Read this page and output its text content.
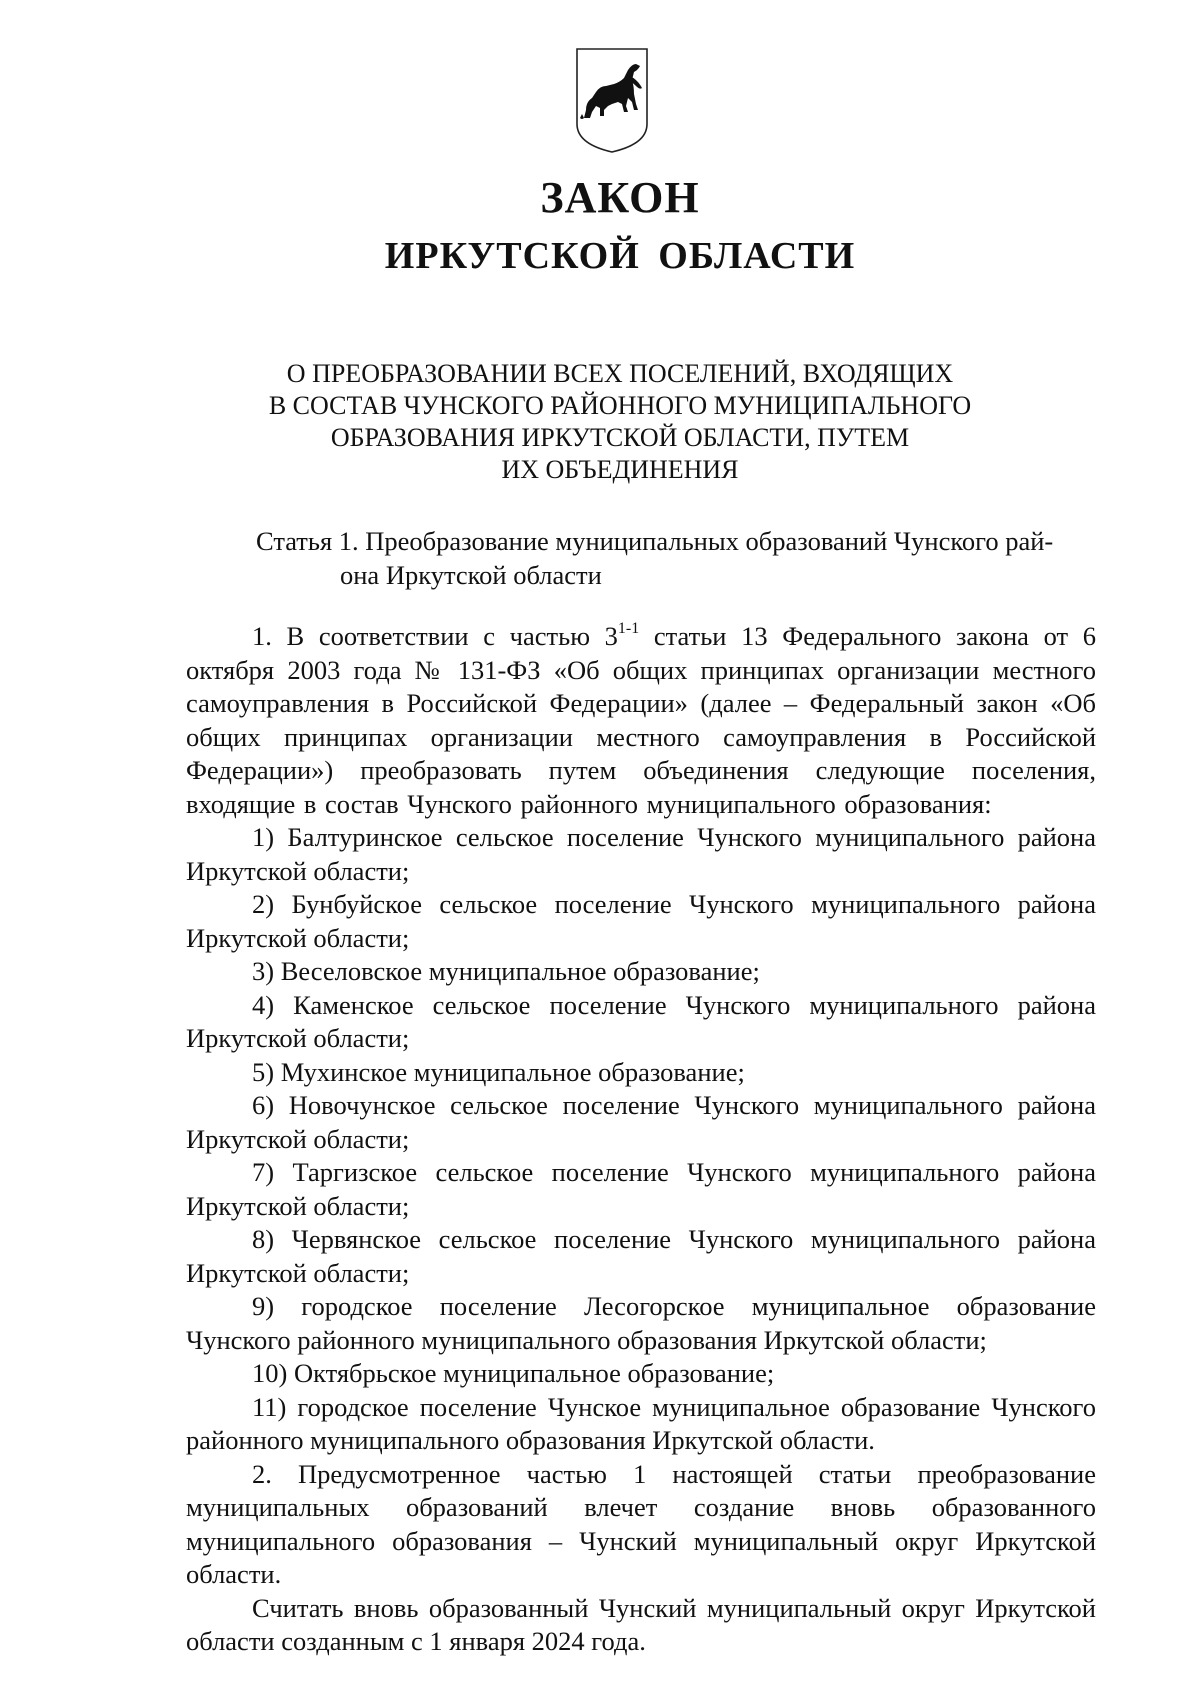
ЗАКОН
ИРКУТСКОЙ ОБЛАСТИ
О ПРЕОБРАЗОВАНИИ ВСЕХ ПОСЕЛЕНИЙ, ВХОДЯЩИХ
В СОСТАВ ЧУНСКОГО РАЙОННОГО МУНИЦИПАЛЬНОГО
ОБРАЗОВАНИЯ ИРКУТСКОЙ ОБЛАСТИ, ПУТЕМ
ИХ ОБЪЕДИНЕНИЯ
Статья 1. Преобразование муниципальных образований Чунского рай-
она Иркутской области

1. В соответствии с частью 3$^{1-1}$ статьи 13 Федерального закона от 6 октября 2003 года № 131-ФЗ «Об общих принципах организации местного самоуправления в Российской Федерации» (далее – Федеральный закон «Об общих принципах организации местного самоуправления в Российской Федерации») преобразовать путем объединения следующие поселения, входящие в состав Чунского районного муниципального образования:

1) Балтуринское сельское поселение Чунского муниципального района Иркутской области;

2) Бунбуйское сельское поселение Чунского муниципального района Иркутской области;

3) Веселовское муниципальное образование;

4) Каменское сельское поселение Чунского муниципального района Иркутской области;

5) Мухинское муниципальное образование;

6) Новочунское сельское поселение Чунского муниципального района Иркутской области;

7) Таргизское сельское поселение Чунского муниципального района Иркутской области;

8) Червянское сельское поселение Чунского муниципального района Иркутской области;

9) городское поселение Лесогорское муниципальное образование Чунского районного муниципального образования Иркутской области;

10) Октябрьское муниципальное образование;

11) городское поселение Чунское муниципальное образование Чунского районного муниципального образования Иркутской области.

2. Предусмотренное частью 1 настоящей статьи преобразование муниципальных образований влечет создание вновь образованного муниципального образования – Чунский муниципальный округ Иркутской области.

Считать вновь образованный Чунский муниципальный округ Иркутской области созданным с 1 января 2024 года.
